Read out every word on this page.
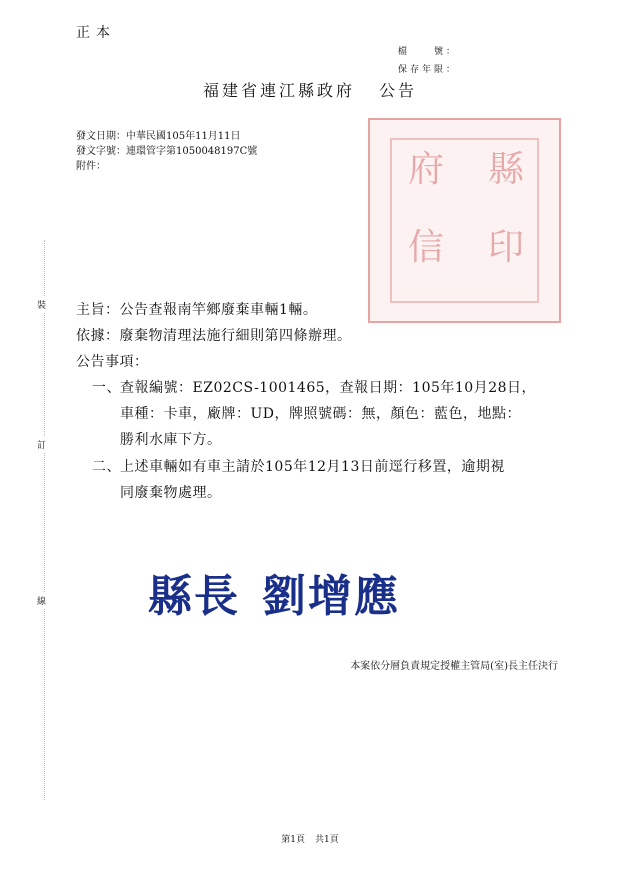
正本
檔　　號：
保存年限：
福建省連江縣政府 公告
發文日期：中華民國105年11月11日
發文字號：連環管字第1050048197C號
附件：
裝
訂
線
縣
府
印
信
主旨：公告查報南竿鄉廢棄車輛1輛。
依據：廢棄物清理法施行細則第四條辦理。
公告事項：
一、 查報編號：EZ02CS-1001465，查報日期：105年10月28日，
車種：卡車，廠牌：UD，牌照號碼：無，顏色：藍色，地點：
勝利水庫下方。
二、 上述車輛如有車主請於105年12月13日前逕行移置，逾期視
同廢棄物處理。
縣長 劉增應
本案依分層負責規定授權主管局(室)長主任決行
第1頁 共1頁
